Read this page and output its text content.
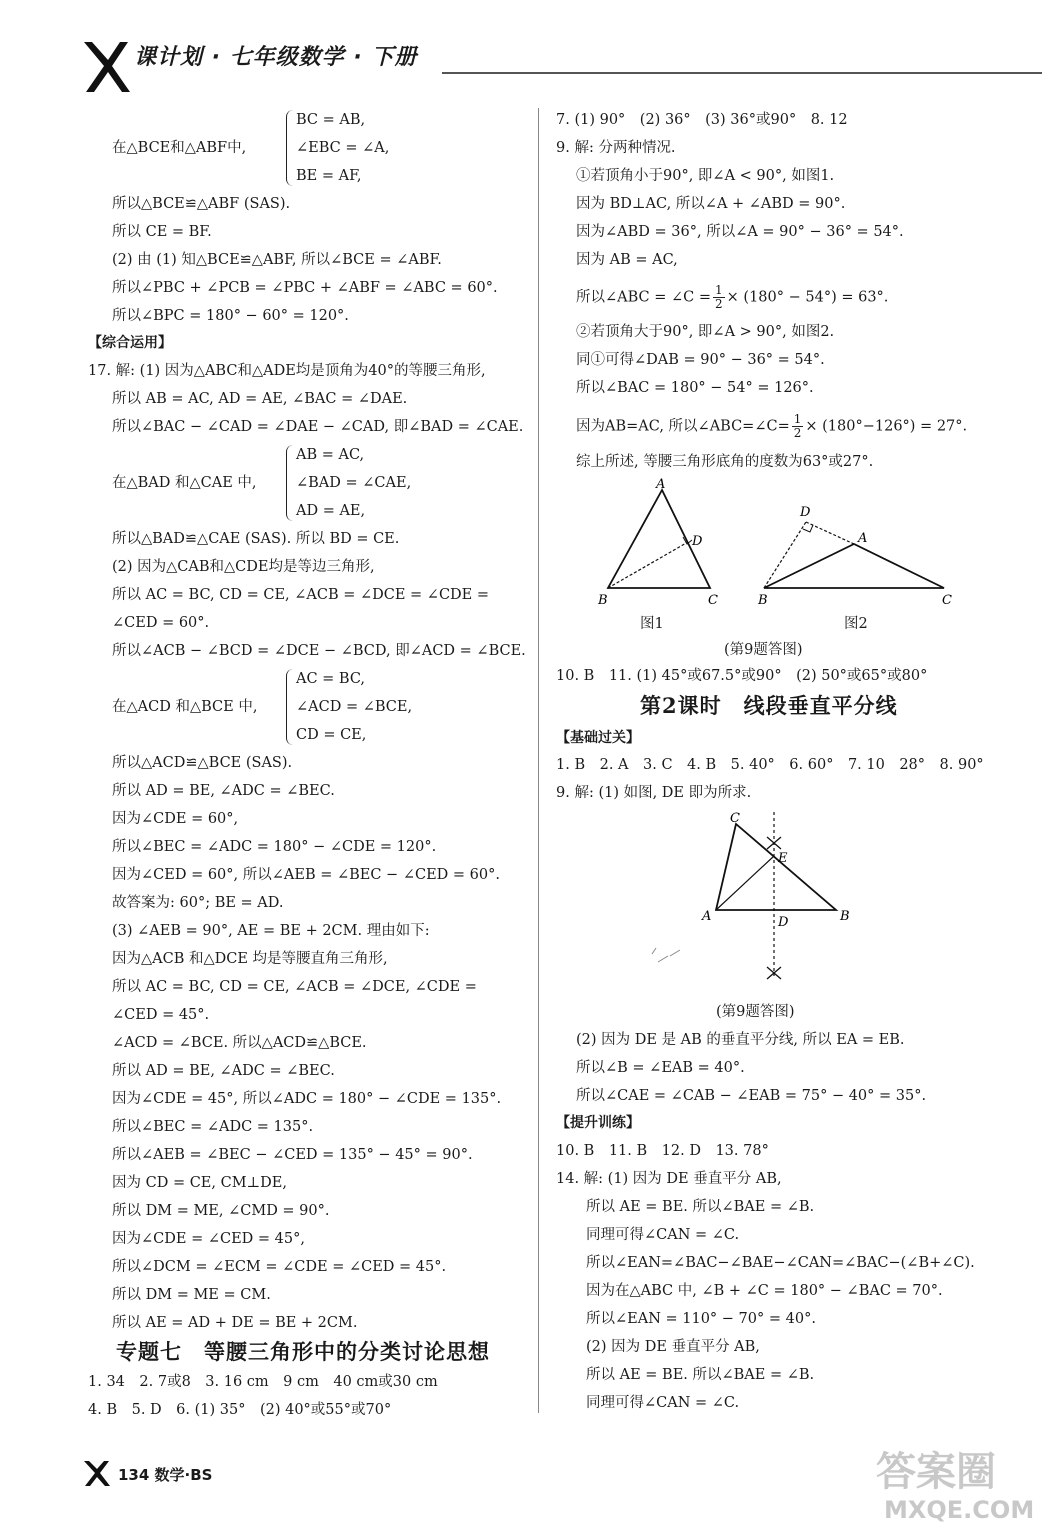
课计划 · 七年级数学 · 下册
BC = AB,
在△BCE和△ABF中,	∠EBC = ∠A,
BE = AF,
所以△BCE≌△ABF (SAS).
所以 CE = BF.
(2) 由 (1) 知△BCE≌△ABF, 所以∠BCE = ∠ABF.
所以∠PBC + ∠PCB = ∠PBC + ∠ABF = ∠ABC = 60°.
所以∠BPC = 180° − 60° = 120°.
【综合运用】
17. 解: (1) 因为△ABC和△ADE均是顶角为40°的等腰三角形,
所以 AB = AC, AD = AE, ∠BAC = ∠DAE.
所以∠BAC − ∠CAD = ∠DAE − ∠CAD, 即∠BAD = ∠CAE.
AB = AC,
在△BAD 和△CAE 中,	∠BAD = ∠CAE,
AD = AE,
所以△BAD≌△CAE (SAS). 所以 BD = CE.
(2) 因为△CAB和△CDE均是等边三角形,
所以 AC = BC, CD = CE, ∠ACB = ∠DCE = ∠CDE =
∠CED = 60°.
所以∠ACB − ∠BCD = ∠DCE − ∠BCD, 即∠ACD = ∠BCE.
AC = BC,
在△ACD 和△BCE 中,	∠ACD = ∠BCE,
CD = CE,
所以△ACD≌△BCE (SAS).
所以 AD = BE, ∠ADC = ∠BEC.
因为∠CDE = 60°,
所以∠BEC = ∠ADC = 180° − ∠CDE = 120°.
因为∠CED = 60°, 所以∠AEB = ∠BEC − ∠CED = 60°.
故答案为: 60°; BE = AD.
(3) ∠AEB = 90°, AE = BE + 2CM. 理由如下:
因为△ACB 和△DCE 均是等腰直角三角形,
所以 AC = BC, CD = CE, ∠ACB = ∠DCE, ∠CDE =
∠CED = 45°.
∠ACD = ∠BCE. 所以△ACD≌△BCE.
所以 AD = BE, ∠ADC = ∠BEC.
因为∠CDE = 45°, 所以∠ADC = 180° − ∠CDE = 135°.
所以∠BEC = ∠ADC = 135°.
所以∠AEB = ∠BEC − ∠CED = 135° − 45° = 90°.
因为 CD = CE, CM⊥DE,
所以 DM = ME, ∠CMD = 90°.
因为∠CDE = ∠CED = 45°,
所以∠DCM = ∠ECM = ∠CDE = ∠CED = 45°.
所以 DM = ME = CM.
所以 AE = AD + DE = BE + 2CM.
专题七　等腰三角形中的分类讨论思想
1. 34　2. 7或8　3. 16 cm　9 cm　40 cm或30 cm
4. B　5. D　6. (1) 35°　(2) 40°或55°或70°
7. (1) 90°　(2) 36°　(3) 36°或90°　8. 12
9. 解: 分两种情况.
①若顶角小于90°, 即∠A < 90°, 如图1.
因为 BD⊥AC, 所以∠A + ∠ABD = 90°.
因为∠ABD = 36°, 所以∠A = 90° − 36° = 54°.
因为 AB = AC,
所以∠ABC = ∠C = $\frac{1}{2} \times (180^\circ - 54^\circ) = 63^\circ$.
②若顶角大于90°, 即∠A > 90°, 如图2.
同①可得∠DAB = 90° − 36° = 54°.
所以∠BAC = 180° − 54° = 126°.
因为AB=AC, 所以∠ABC=∠C= $\frac{1}{2} \times (180^\circ-126^\circ) = 27^\circ$.
综上所述, 等腰三角形底角的度数为63°或27°.
A
D
B	C
D
A
B	C
图1	图2
(第9题答图)
10. B　11. (1) 45°或67.5°或90°　(2) 50°或65°或80°
第2课时　线段垂直平分线
【基础过关】
1. B　2. A　3. C　4. B　5. 40°　6. 60°　7. 10　28°　8. 90°
9. 解: (1) 如图, DE 即为所求.
C
E
A	D	B
(第9题答图)
(2) 因为 DE 是 AB 的垂直平分线, 所以 EA = EB.
所以∠B = ∠EAB = 40°.
所以∠CAE = ∠CAB − ∠EAB = 75° − 40° = 35°.
【提升训练】
10. B　11. B　12. D　13. 78°
14. 解: (1) 因为 DE 垂直平分 AB,
所以 AE = BE. 所以∠BAE = ∠B.
同理可得∠CAN = ∠C.
所以∠EAN=∠BAC−∠BAE−∠CAN=∠BAC−(∠B+∠C).
因为在△ABC 中, ∠B + ∠C = 180° − ∠BAC = 70°.
所以∠EAN = 110° − 70° = 40°.
(2) 因为 DE 垂直平分 AB,
所以 AE = BE. 所以∠BAE = ∠B.
同理可得∠CAN = ∠C.
134 数学·BS	答案圈
MXQE.COM
